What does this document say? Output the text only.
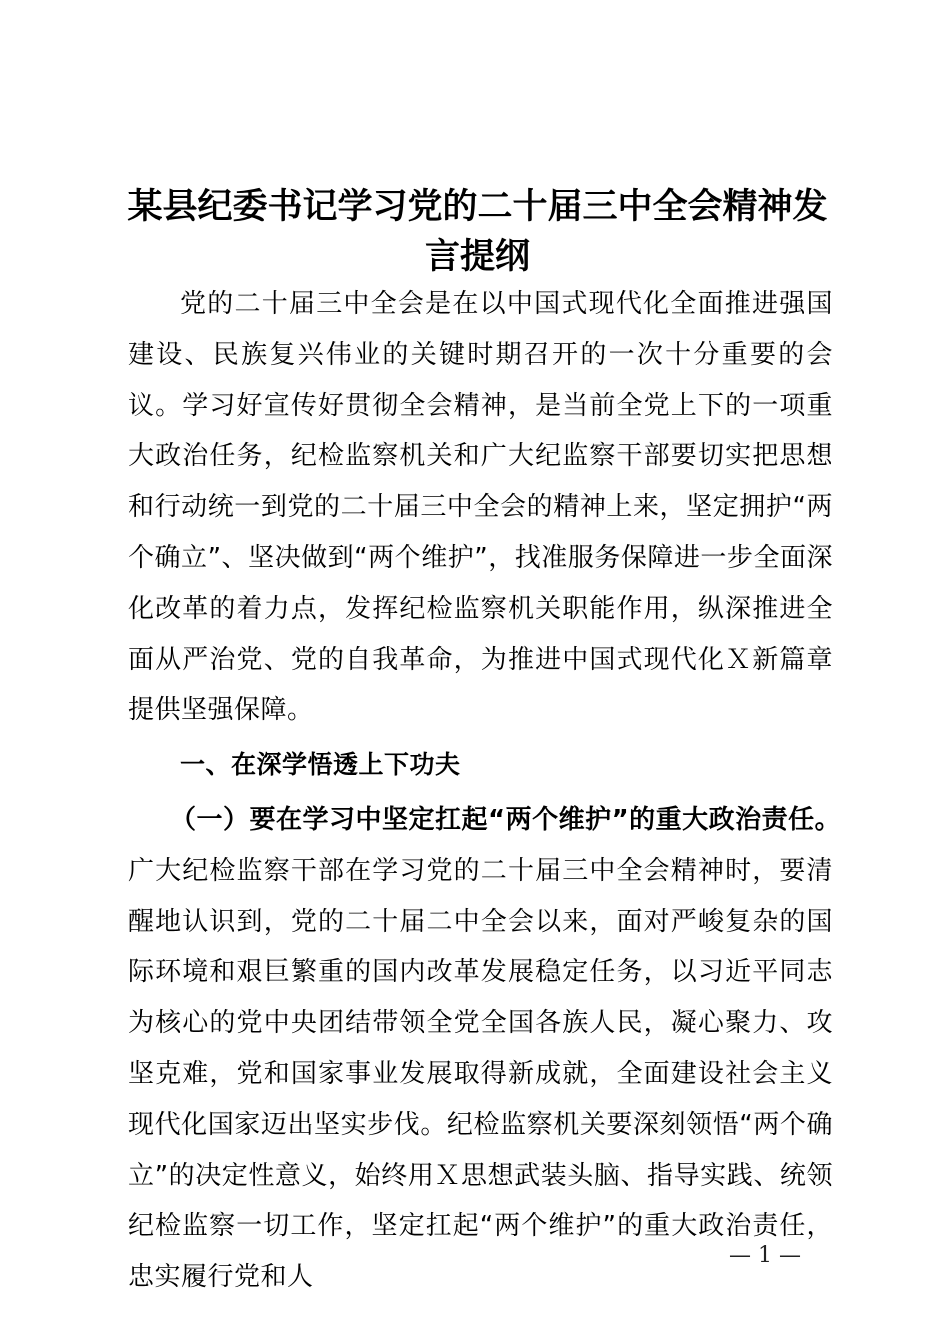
某县纪委书记学习党的二十届三中全会精神发言提纲

党的二十届三中全会是在以中国式现代化全面推进强国建设、民族复兴伟业的关键时期召开的一次十分重要的会议。学习好宣传好贯彻全会精神，是当前全党上下的一项重大政治任务，纪检监察机关和广大纪监察干部要切实把思想和行动统一到党的二十届三中全会的精神上来，坚定拥护“两个确立”、坚决做到“两个维护”，找准服务保障进一步全面深化改革的着力点，发挥纪检监察机关职能作用，纵深推进全面从严治党、党的自我革命，为推进中国式现代化Ｘ新篇章提供坚强保障。

一、在深学悟透上下功夫

（一）要在学习中坚定扛起“两个维护”的重大政治责任。

广大纪检监察干部在学习党的二十届三中全会精神时，要清醒地认识到，党的二十届二中全会以来，面对严峻复杂的国际环境和艰巨繁重的国内改革发展稳定任务，以习近平同志为核心的党中央团结带领全党全国各族人民，凝心聚力、攻坚克难，党和国家事业发展取得新成就，全面建设社会主义现代化国家迈出坚实步伐。纪检监察机关要深刻领悟“两个确立”的决定性意义，始终用Ｘ思想武装头脑、指导实践、统领纪检监察一切工作，坚定扛起“两个维护”的重大政治责任，忠实履行党和人

— 1 —
